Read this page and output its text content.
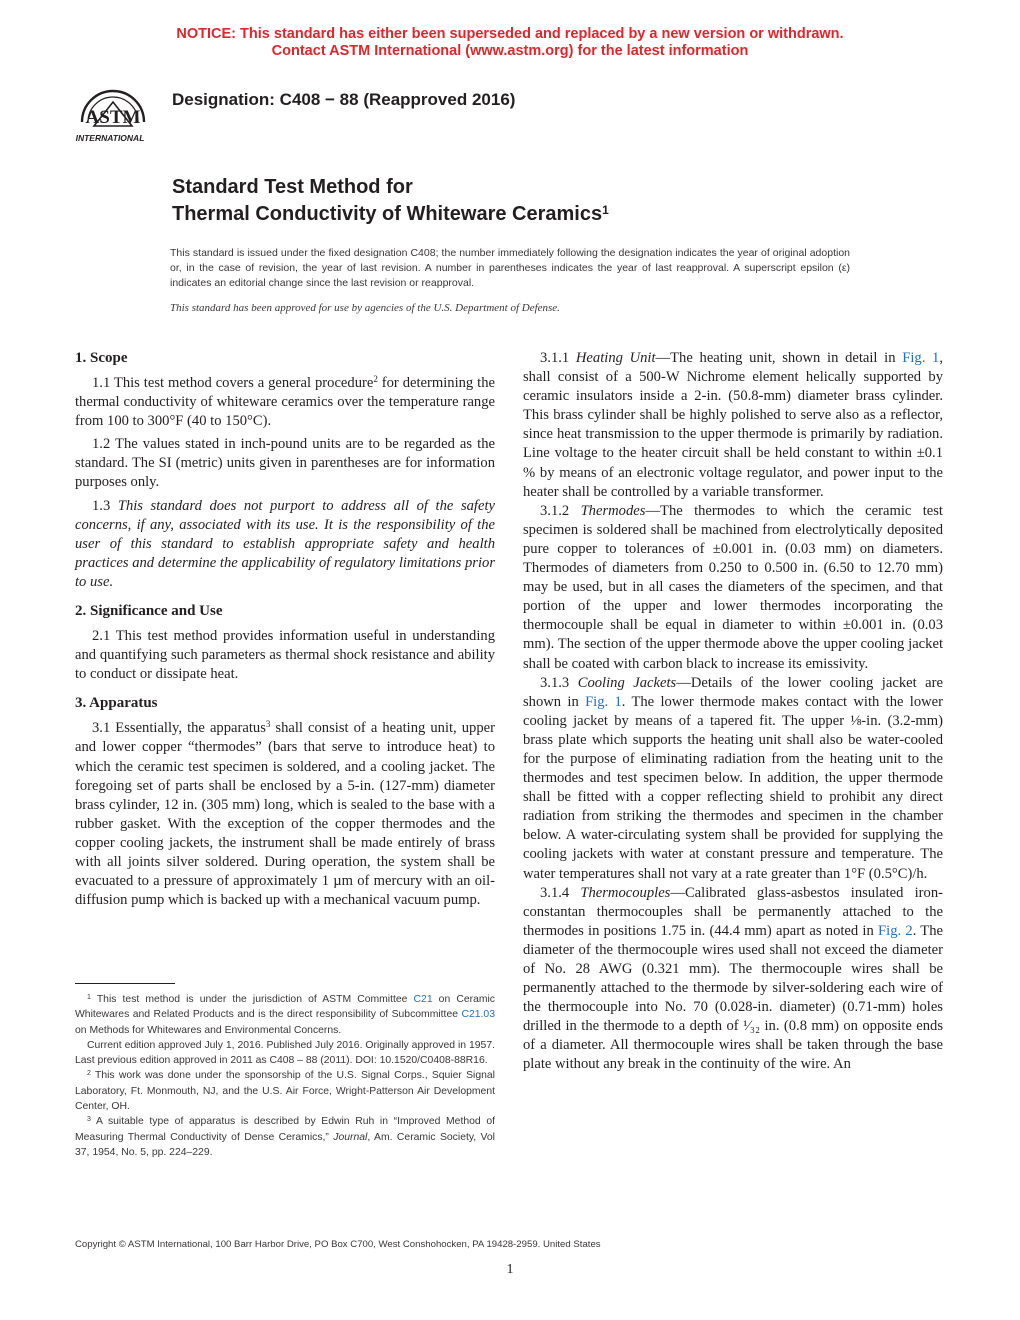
NOTICE: This standard has either been superseded and replaced by a new version or withdrawn.
Contact ASTM International (www.astm.org) for the latest information
ASTM
INTERNATIONAL
Designation: C408 − 88 (Reapproved 2016)
Standard Test Method for
Thermal Conductivity of Whiteware Ceramics$^1$
This standard is issued under the fixed designation C408; the number immediately following the designation indicates the year of original adoption or, in the case of revision, the year of last revision. A number in parentheses indicates the year of last reapproval. A superscript epsilon (ε) indicates an editorial change since the last revision or reapproval.
This standard has been approved for use by agencies of the U.S. Department of Defense.
1. Scope

1.1 This test method covers a general procedure$^2$ for determining the thermal conductivity of whiteware ceramics over the temperature range from 100 to 300°F (40 to 150°C).

1.2 The values stated in inch-pound units are to be regarded as the standard. The SI (metric) units given in parentheses are for information purposes only.

1.3 This standard does not purport to address all of the safety concerns, if any, associated with its use. It is the responsibility of the user of this standard to establish appropriate safety and health practices and determine the applicability of regulatory limitations prior to use.

2. Significance and Use

2.1 This test method provides information useful in understanding and quantifying such parameters as thermal shock resistance and ability to conduct or dissipate heat.

3. Apparatus

3.1 Essentially, the apparatus$^3$ shall consist of a heating unit, upper and lower copper “thermodes” (bars that serve to introduce heat) to which the ceramic test specimen is soldered, and a cooling jacket. The foregoing set of parts shall be enclosed by a 5-in. (127-mm) diameter brass cylinder, 12 in. (305 mm) long, which is sealed to the base with a rubber gasket. With the exception of the copper thermodes and the copper cooling jackets, the instrument shall be made entirely of brass with all joints silver soldered. During operation, the system shall be evacuated to a pressure of approximately 1 µm of mercury with an oil-diffusion pump which is backed up with a mechanical vacuum pump.

3.1.1 Heating Unit—The heating unit, shown in detail in Fig. 1, shall consist of a 500-W Nichrome element helically supported by ceramic insulators inside a 2-in. (50.8-mm) diameter brass cylinder. This brass cylinder shall be highly polished to serve also as a reflector, since heat transmission to the upper thermode is primarily by radiation. Line voltage to the heater circuit shall be held constant to within ±0.1 % by means of an electronic voltage regulator, and power input to the heater shall be controlled by a variable transformer.

3.1.2 Thermodes—The thermodes to which the ceramic test specimen is soldered shall be machined from electrolytically deposited pure copper to tolerances of ±0.001 in. (0.03 mm) on diameters. Thermodes of diameters from 0.250 to 0.500 in. (6.50 to 12.70 mm) may be used, but in all cases the diameters of the specimen, and that portion of the upper and lower thermodes incorporating the thermocouple shall be equal in diameter to within ±0.001 in. (0.03 mm). The section of the upper thermode above the upper cooling jacket shall be coated with carbon black to increase its emissivity.

3.1.3 Cooling Jackets—Details of the lower cooling jacket are shown in Fig. 1. The lower thermode makes contact with the lower cooling jacket by means of a tapered fit. The upper ⅛-in. (3.2-mm) brass plate which supports the heating unit shall also be water-cooled for the purpose of eliminating radiation from the heating unit to the thermodes and test specimen below. In addition, the upper thermode shall be fitted with a copper reflecting shield to prohibit any direct radiation from striking the thermodes and specimen in the chamber below. A water-circulating system shall be provided for supplying the cooling jackets with water at constant pressure and temperature. The water temperatures shall not vary at a rate greater than 1°F (0.5°C)/h.

3.1.4 Thermocouples—Calibrated glass-asbestos insulated iron-constantan thermocouples shall be permanently attached to the thermodes in positions 1.75 in. (44.4 mm) apart as noted in Fig. 2. The diameter of the thermocouple wires used shall not exceed the diameter of No. 28 AWG (0.321 mm). The thermocouple wires shall be permanently attached to the thermode by silver-soldering each wire of the thermocouple into No. 70 (0.028-in. diameter) (0.71-mm) holes drilled in the thermode to a depth of ¹⁄₃₂ in. (0.8 mm) on opposite ends of a diameter. All thermocouple wires shall be taken through the base plate without any break in the continuity of the wire. An

$^1$ This test method is under the jurisdiction of ASTM Committee C21 on Ceramic Whitewares and Related Products and is the direct responsibility of Subcommittee C21.03 on Methods for Whitewares and Environmental Concerns.

Current edition approved July 1, 2016. Published July 2016. Originally approved in 1957. Last previous edition approved in 2011 as C408 – 88 (2011). DOI: 10.1520/C0408-88R16.

$^2$ This work was done under the sponsorship of the U.S. Signal Corps., Squier Signal Laboratory, Ft. Monmouth, NJ, and the U.S. Air Force, Wright-Patterson Air Development Center, OH.

$^3$ A suitable type of apparatus is described by Edwin Ruh in “Improved Method of Measuring Thermal Conductivity of Dense Ceramics,” Journal, Am. Ceramic Society, Vol 37, 1954, No. 5, pp. 224–229.

Copyright © ASTM International, 100 Barr Harbor Drive, PO Box C700, West Conshohocken, PA 19428-2959. United States
1
